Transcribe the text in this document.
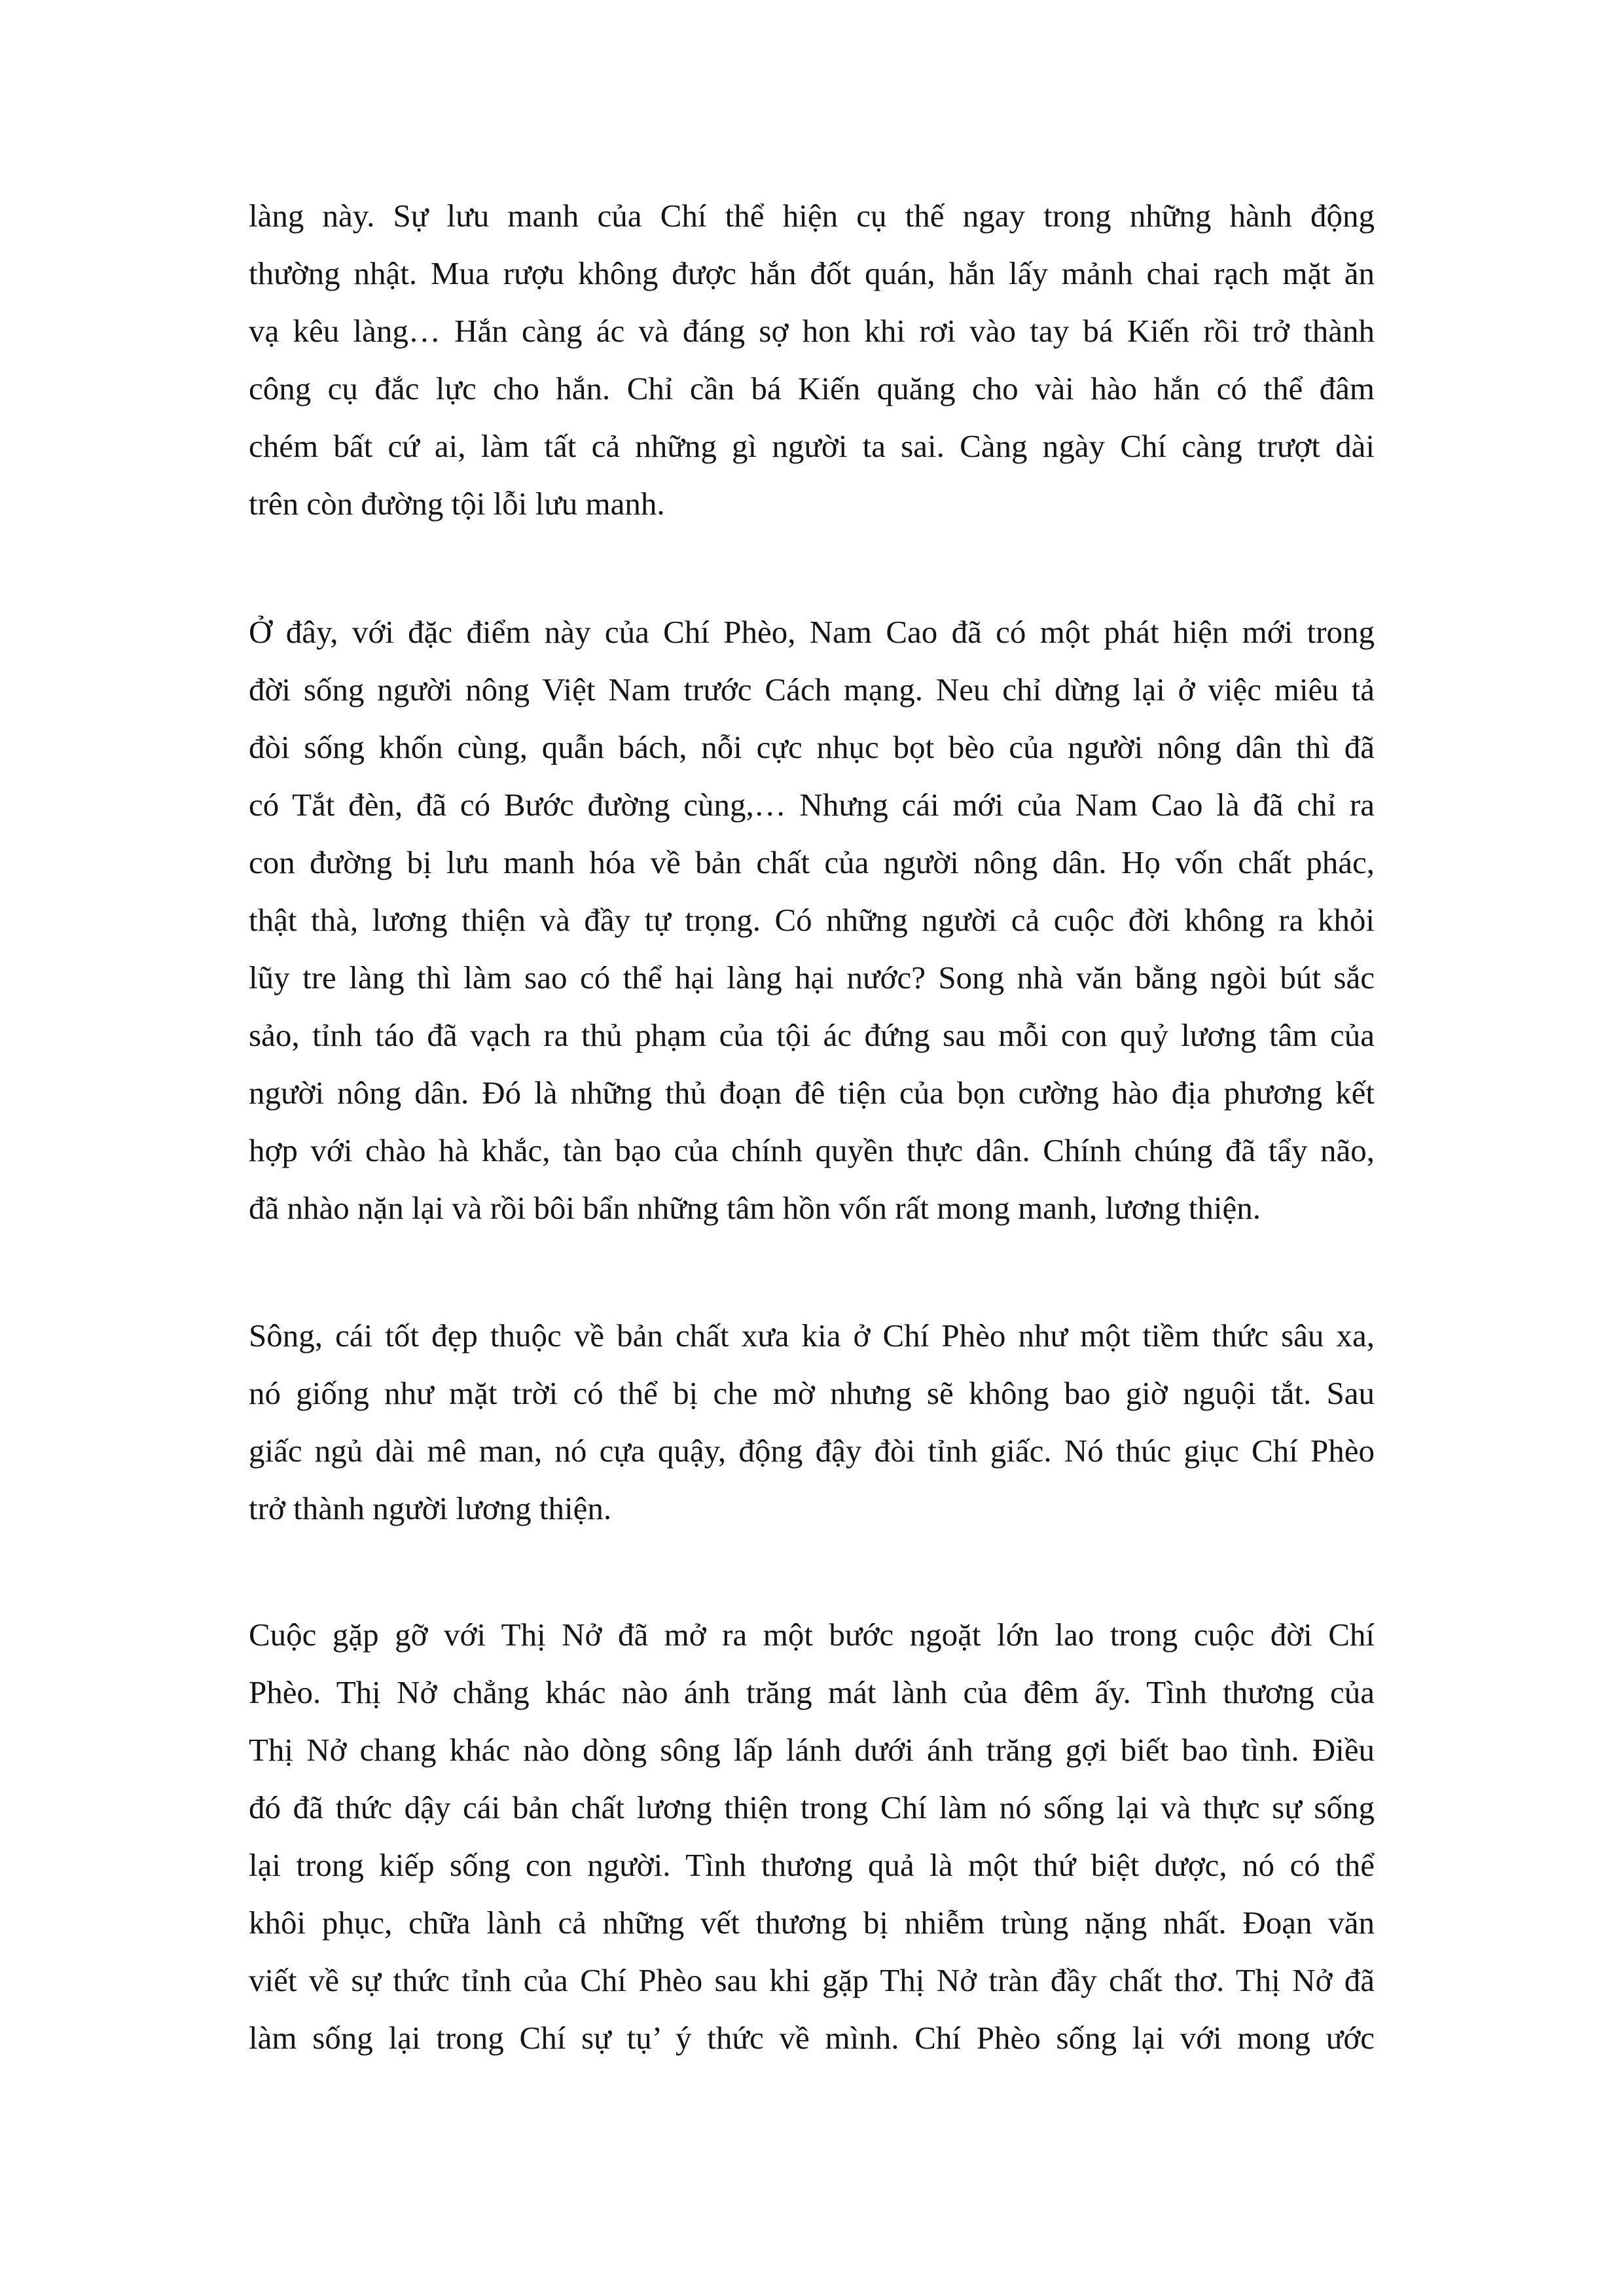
làng này. Sự lưu manh của Chí thể hiện cụ thế ngay trong những hành động
thường nhật. Mua rượu không được hắn đốt quán, hắn lấy mảnh chai rạch mặt ăn
vạ kêu làng… Hắn càng ác và đáng sợ hon khi rơi vào tay bá Kiến rồi trở thành
công cụ đắc lực cho hắn. Chỉ cần bá Kiến quăng cho vài hào hắn có thể đâm
chém bất cứ ai, làm tất cả những gì người ta sai. Càng ngày Chí càng trượt dài
trên còn đường tội lỗi lưu manh.
Ở đây, với đặc điểm này của Chí Phèo, Nam Cao đã có một phát hiện mới trong
đời sống người nông Việt Nam trước Cách mạng. Neu chỉ dừng lại ở việc miêu tả
đòi sống khốn cùng, quẫn bách, nỗi cực nhục bọt bèo của người nông dân thì đã
có Tắt đèn, đã có Bước đường cùng,… Nhưng cái mới của Nam Cao là đã chỉ ra
con đường bị lưu manh hóa về bản chất của người nông dân. Họ vốn chất phác,
thật thà, lương thiện và đầy tự trọng. Có những người cả cuộc đời không ra khỏi
lũy tre làng thì làm sao có thể hại làng hại nước? Song nhà văn bằng ngòi bút sắc
sảo, tỉnh táo đã vạch ra thủ phạm của tội ác đứng sau mỗi con quỷ lương tâm của
người nông dân. Đó là những thủ đoạn đê tiện của bọn cường hào địa phương kết
hợp với chào hà khắc, tàn bạo của chính quyền thực dân. Chính chúng đã tẩy não,
đã nhào nặn lại và rồi bôi bẩn những tâm hồn vốn rất mong manh, lương thiện.
Sông, cái tốt đẹp thuộc về bản chất xưa kia ở Chí Phèo như một tiềm thức sâu xa,
nó giống như mặt trời có thể bị che mờ nhưng sẽ không bao giờ nguội tắt. Sau
giấc ngủ dài mê man, nó cựa quậy, động đậy đòi tỉnh giấc. Nó thúc giục Chí Phèo
trở thành người lương thiện.
Cuộc gặp gỡ với Thị Nở đã mở ra một bước ngoặt lớn lao trong cuộc đời Chí
Phèo. Thị Nở chẳng khác nào ánh trăng mát lành của đêm ấy. Tình thương của
Thị Nở chang khác nào dòng sông lấp lánh dưới ánh trăng gợi biết bao tình. Điều
đó đã thức dậy cái bản chất lương thiện trong Chí làm nó sống lại và thực sự sống
lại trong kiếp sống con người. Tình thương quả là một thứ biệt dược, nó có thể
khôi phục, chữa lành cả những vết thương bị nhiễm trùng nặng nhất. Đoạn văn
viết về sự thức tỉnh của Chí Phèo sau khi gặp Thị Nở tràn đầy chất thơ. Thị Nở đã
làm sống lại trong Chí sự tụ’ ý thức về mình. Chí Phèo sống lại với mong ước
